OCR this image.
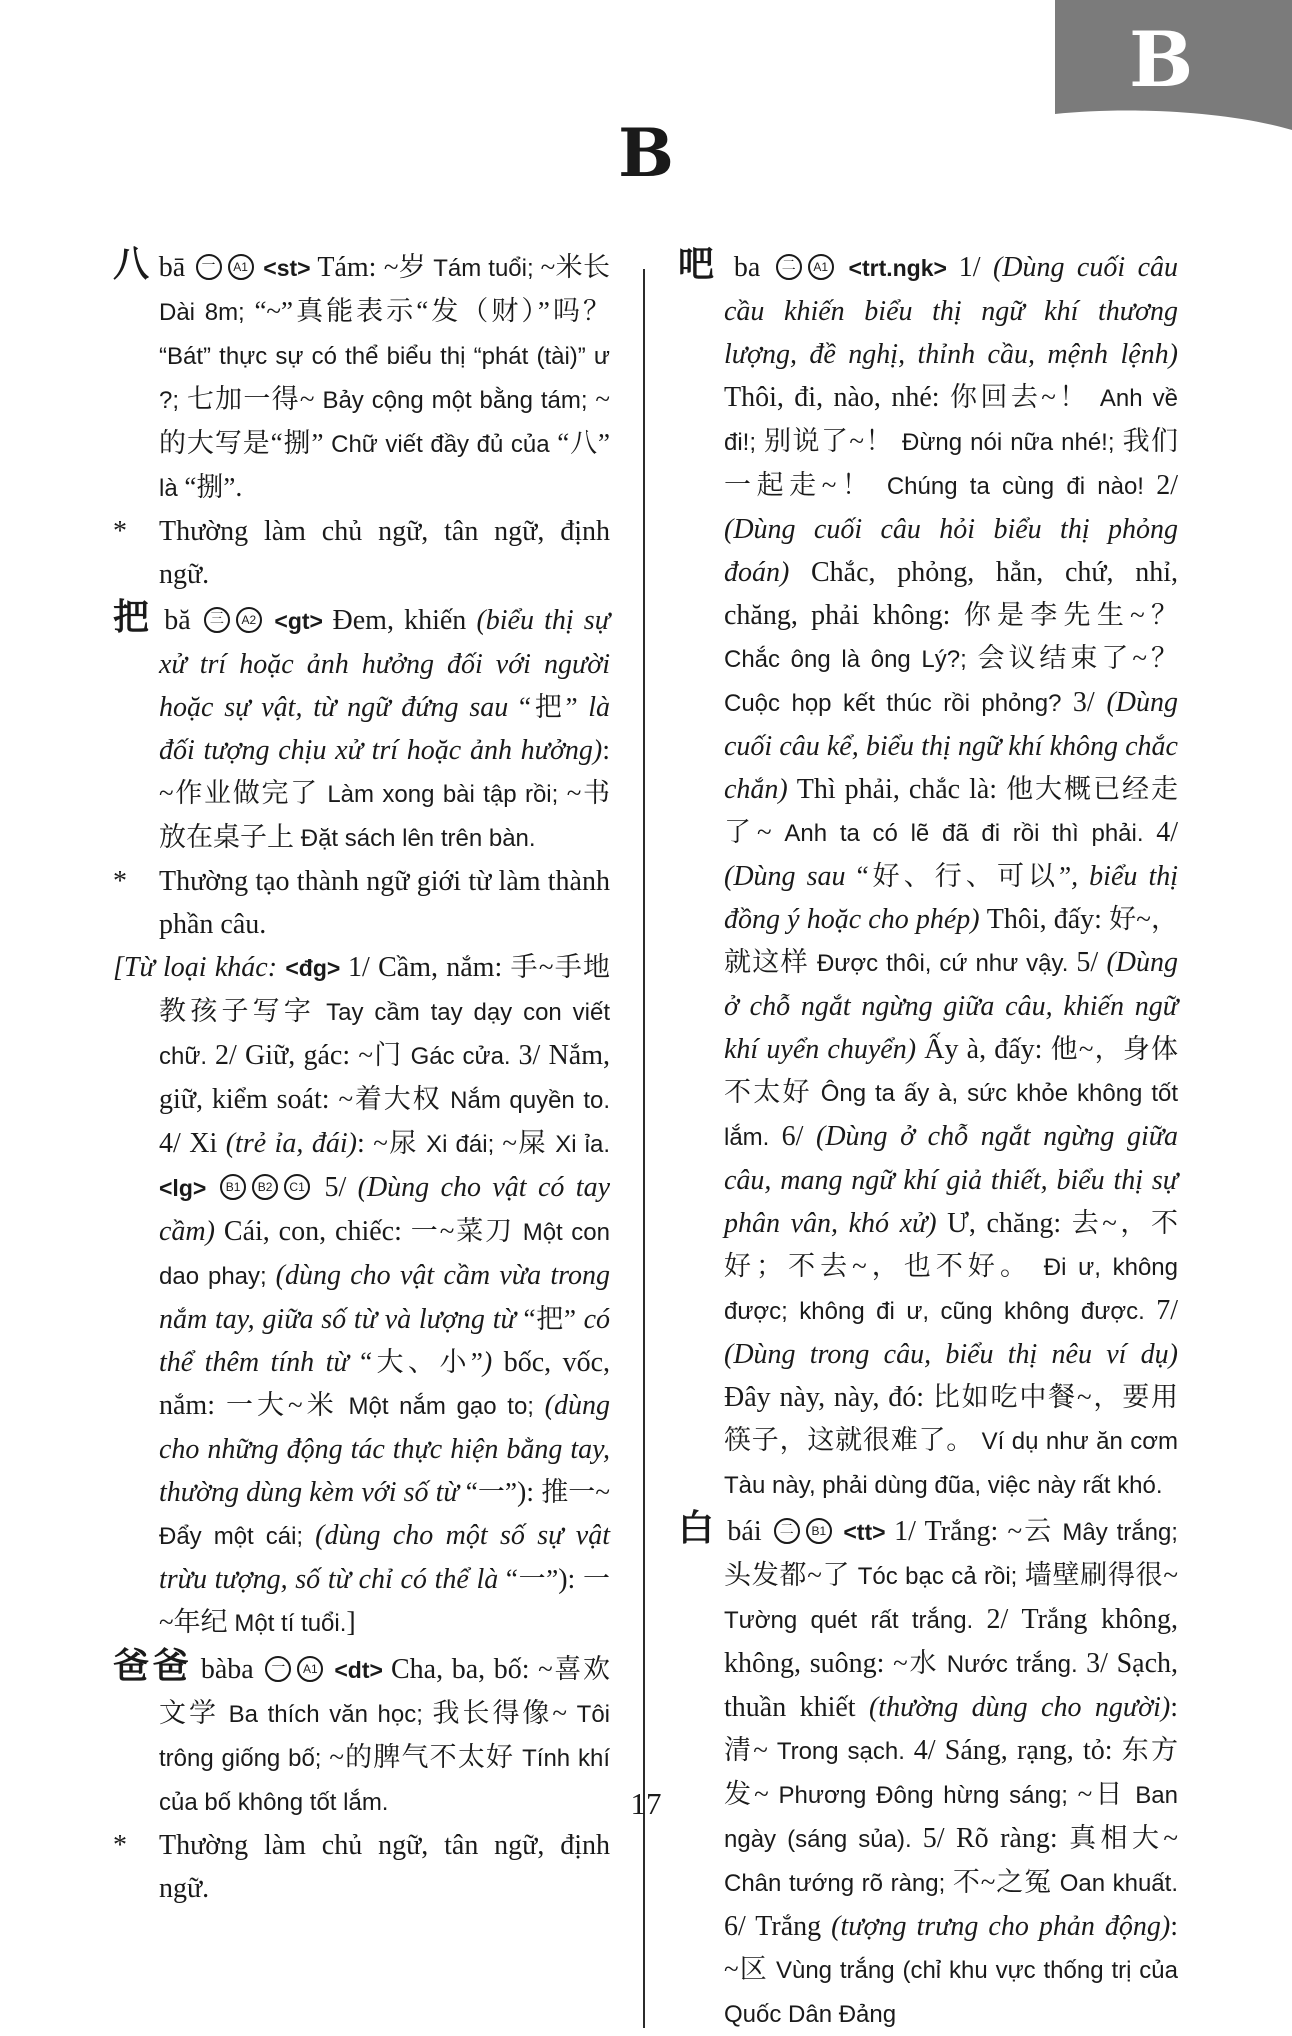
B
B

八 bā 一 A1 <st> Tám: ~岁 Tám tuổi; ~米长 Dài 8m; “~”真能表示“发（财）”吗？ “Bát” thực sự có thể biểu thị “phát (tài)” ư ?; 七加一得~ Bảy cộng một bằng tám; ~的大写是“捌” Chữ viết đầy đủ của “八” là “捌”.

* Thường làm chủ ngữ, tân ngữ, định ngữ.

把 bă 三 A2 <gt> Đem, khiến (biểu thị sự xử trí hoặc ảnh hưởng đối với người hoặc sự vật, từ ngữ đứng sau “把” là đối tượng chịu xử trí hoặc ảnh hưởng): ~作业做完了 Làm xong bài tập rồi; ~书放在桌子上 Đặt sách lên trên bàn.

* Thường tạo thành ngữ giới từ làm thành phần câu.

[Từ loại khác: <đg> 1/ Cầm, nắm: 手~手地教孩子写字 Tay cầm tay dạy con viết chữ. 2/ Giữ, gác: ~门 Gác cửa. 3/ Nắm, giữ, kiểm soát: ~着大权 Nắm quyền to. 4/ Xi (trẻ ỉa, đái): ~尿 Xi đái; ~屎 Xi ỉa. <lg> B1 B2 C1 5/ (Dùng cho vật có tay cầm) Cái, con, chiếc: 一~菜刀 Một con dao phay; (dùng cho vật cầm vừa trong nắm tay, giữa số từ và lượng từ “把” có thể thêm tính từ “大、小”) bốc, vốc, nắm: 一大~米 Một nắm gạo to; (dùng cho những động tác thực hiện bằng tay, thường dùng kèm với số từ “一”): 推一~ Đẩy một cái; (dùng cho một số sự vật trừu tượng, số từ chỉ có thể là “一”): 一~年纪 Một tí tuổi.]

爸爸 bàba 一 A1 <dt> Cha, ba, bố: ~喜欢文学 Ba thích văn học; 我长得像~ Tôi trông giống bố; ~的脾气不太好 Tính khí của bố không tốt lắm.

* Thường làm chủ ngữ, tân ngữ, định ngữ.

吧 ba 二 A1 <trt.ngk> 1/ (Dùng cuối câu cầu khiến biểu thị ngữ khí thương lượng, đề nghị, thỉnh cầu, mệnh lệnh) Thôi, đi, nào, nhé: 你回去~！ Anh về đi!; 别说了~！ Đừng nói nữa nhé!; 我们一起走~！ Chúng ta cùng đi nào! 2/ (Dùng cuối câu hỏi biểu thị phỏng đoán) Chắc, phỏng, hẳn, chứ, nhỉ, chăng, phải không: 你是李先生~？ Chắc ông là ông Lý?; 会议结束了~？ Cuộc họp kết thúc rồi phỏng? 3/ (Dùng cuối câu kể, biểu thị ngữ khí không chắc chắn) Thì phải, chắc là: 他大概已经走了~ Anh ta có lẽ đã đi rồi thì phải. 4/ (Dùng sau “好、行、可以”, biểu thị đồng ý hoặc cho phép) Thôi, đấy: 好~，就这样 Được thôi, cứ như vậy. 5/ (Dùng ở chỗ ngắt ngừng giữa câu, khiến ngữ khí uyển chuyển) Ấy à, đấy: 他~，身体不太好 Ông ta ấy à, sức khỏe không tốt lắm. 6/ (Dùng ở chỗ ngắt ngừng giữa câu, mang ngữ khí giả thiết, biểu thị sự phân vân, khó xử) Ư, chăng: 去~，不好；不去~，也不好。 Đi ư, không được; không đi ư, cũng không được. 7/ (Dùng trong câu, biểu thị nêu ví dụ) Đây này, này, đó: 比如吃中餐~，要用筷子，这就很难了。 Ví dụ như ăn cơm Tàu này, phải dùng đũa, việc này rất khó.

白 bái 二 B1 <tt> 1/ Trắng: ~云 Mây trắng; 头发都~了 Tóc bạc cả rồi; 墙壁刷得很~ Tường quét rất trắng. 2/ Trắng không, không, suông: ~水 Nước trắng. 3/ Sạch, thuần khiết (thường dùng cho người): 清~ Trong sạch. 4/ Sáng, rạng, tỏ: 东方发~ Phương Đông hừng sáng; ~日 Ban ngày (sáng sủa). 5/ Rõ ràng: 真相大~ Chân tướng rõ ràng; 不~之冤 Oan khuất. 6/ Trắng (tượng trưng cho phản động): ~区 Vùng trắng (chỉ khu vực thống trị của Quốc Dân Đảng

17
